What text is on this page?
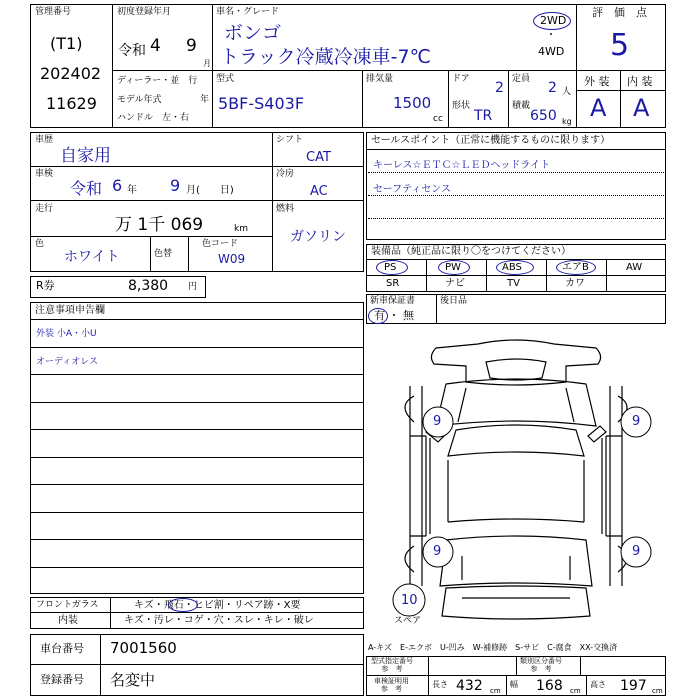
管理番号
(T1)
202402
11629
初度登録年月
令和 4 9
月
車名・グレード
ボンゴ
トラック冷蔵冷凍車-7℃
2WD
・
4WD
評　価　点
5
ディーラー・並　行
モデル年式	年
ハンドル　左・右
型式
5BF-S403F
排気量
1500
cc
ドア
2
形状
TR
定員
2 人
積載
650 kg
外 装 内 装
A A
車歴
自家用
車検
令和 6 年 9 月(　　日)
走行
万 1千 069	km
色
ホワイト	色替
色コード
W09
シフト
CAT
冷房
AC
燃料
ガソリン
R券	8,380 円
セールスポイント（正常に機能するものに限ります）
キーレス☆ＥＴＣ☆ＬＥＤヘッドライト
セーフティセンス
装備品（純正品に限り〇をつけてください）
PS	PW	ABS	エアB	AW
SR	ナビ	TV	カワ
新車保証書
有 ・ 無
後日品
注意事項申告欄
外装 小A・小U
オーディオレス
9	9
9	9
10
スペア
フロントガラス	キズ・飛石・ヒビ割・リペア跡・X要
内装	キズ・汚レ・コゲ・穴・スレ・キレ・破レ
車台番号 7001560
登録番号 名変中
A-キズ　E-エクボ　U-凹み　W-補修跡　S-サビ　C-腐食　XX-交換済
型式指定番号
参　考
類別区分番号
参　考
車検証明用
参　考	長さ 432 cm
幅 168 cm
高さ 197 cm
